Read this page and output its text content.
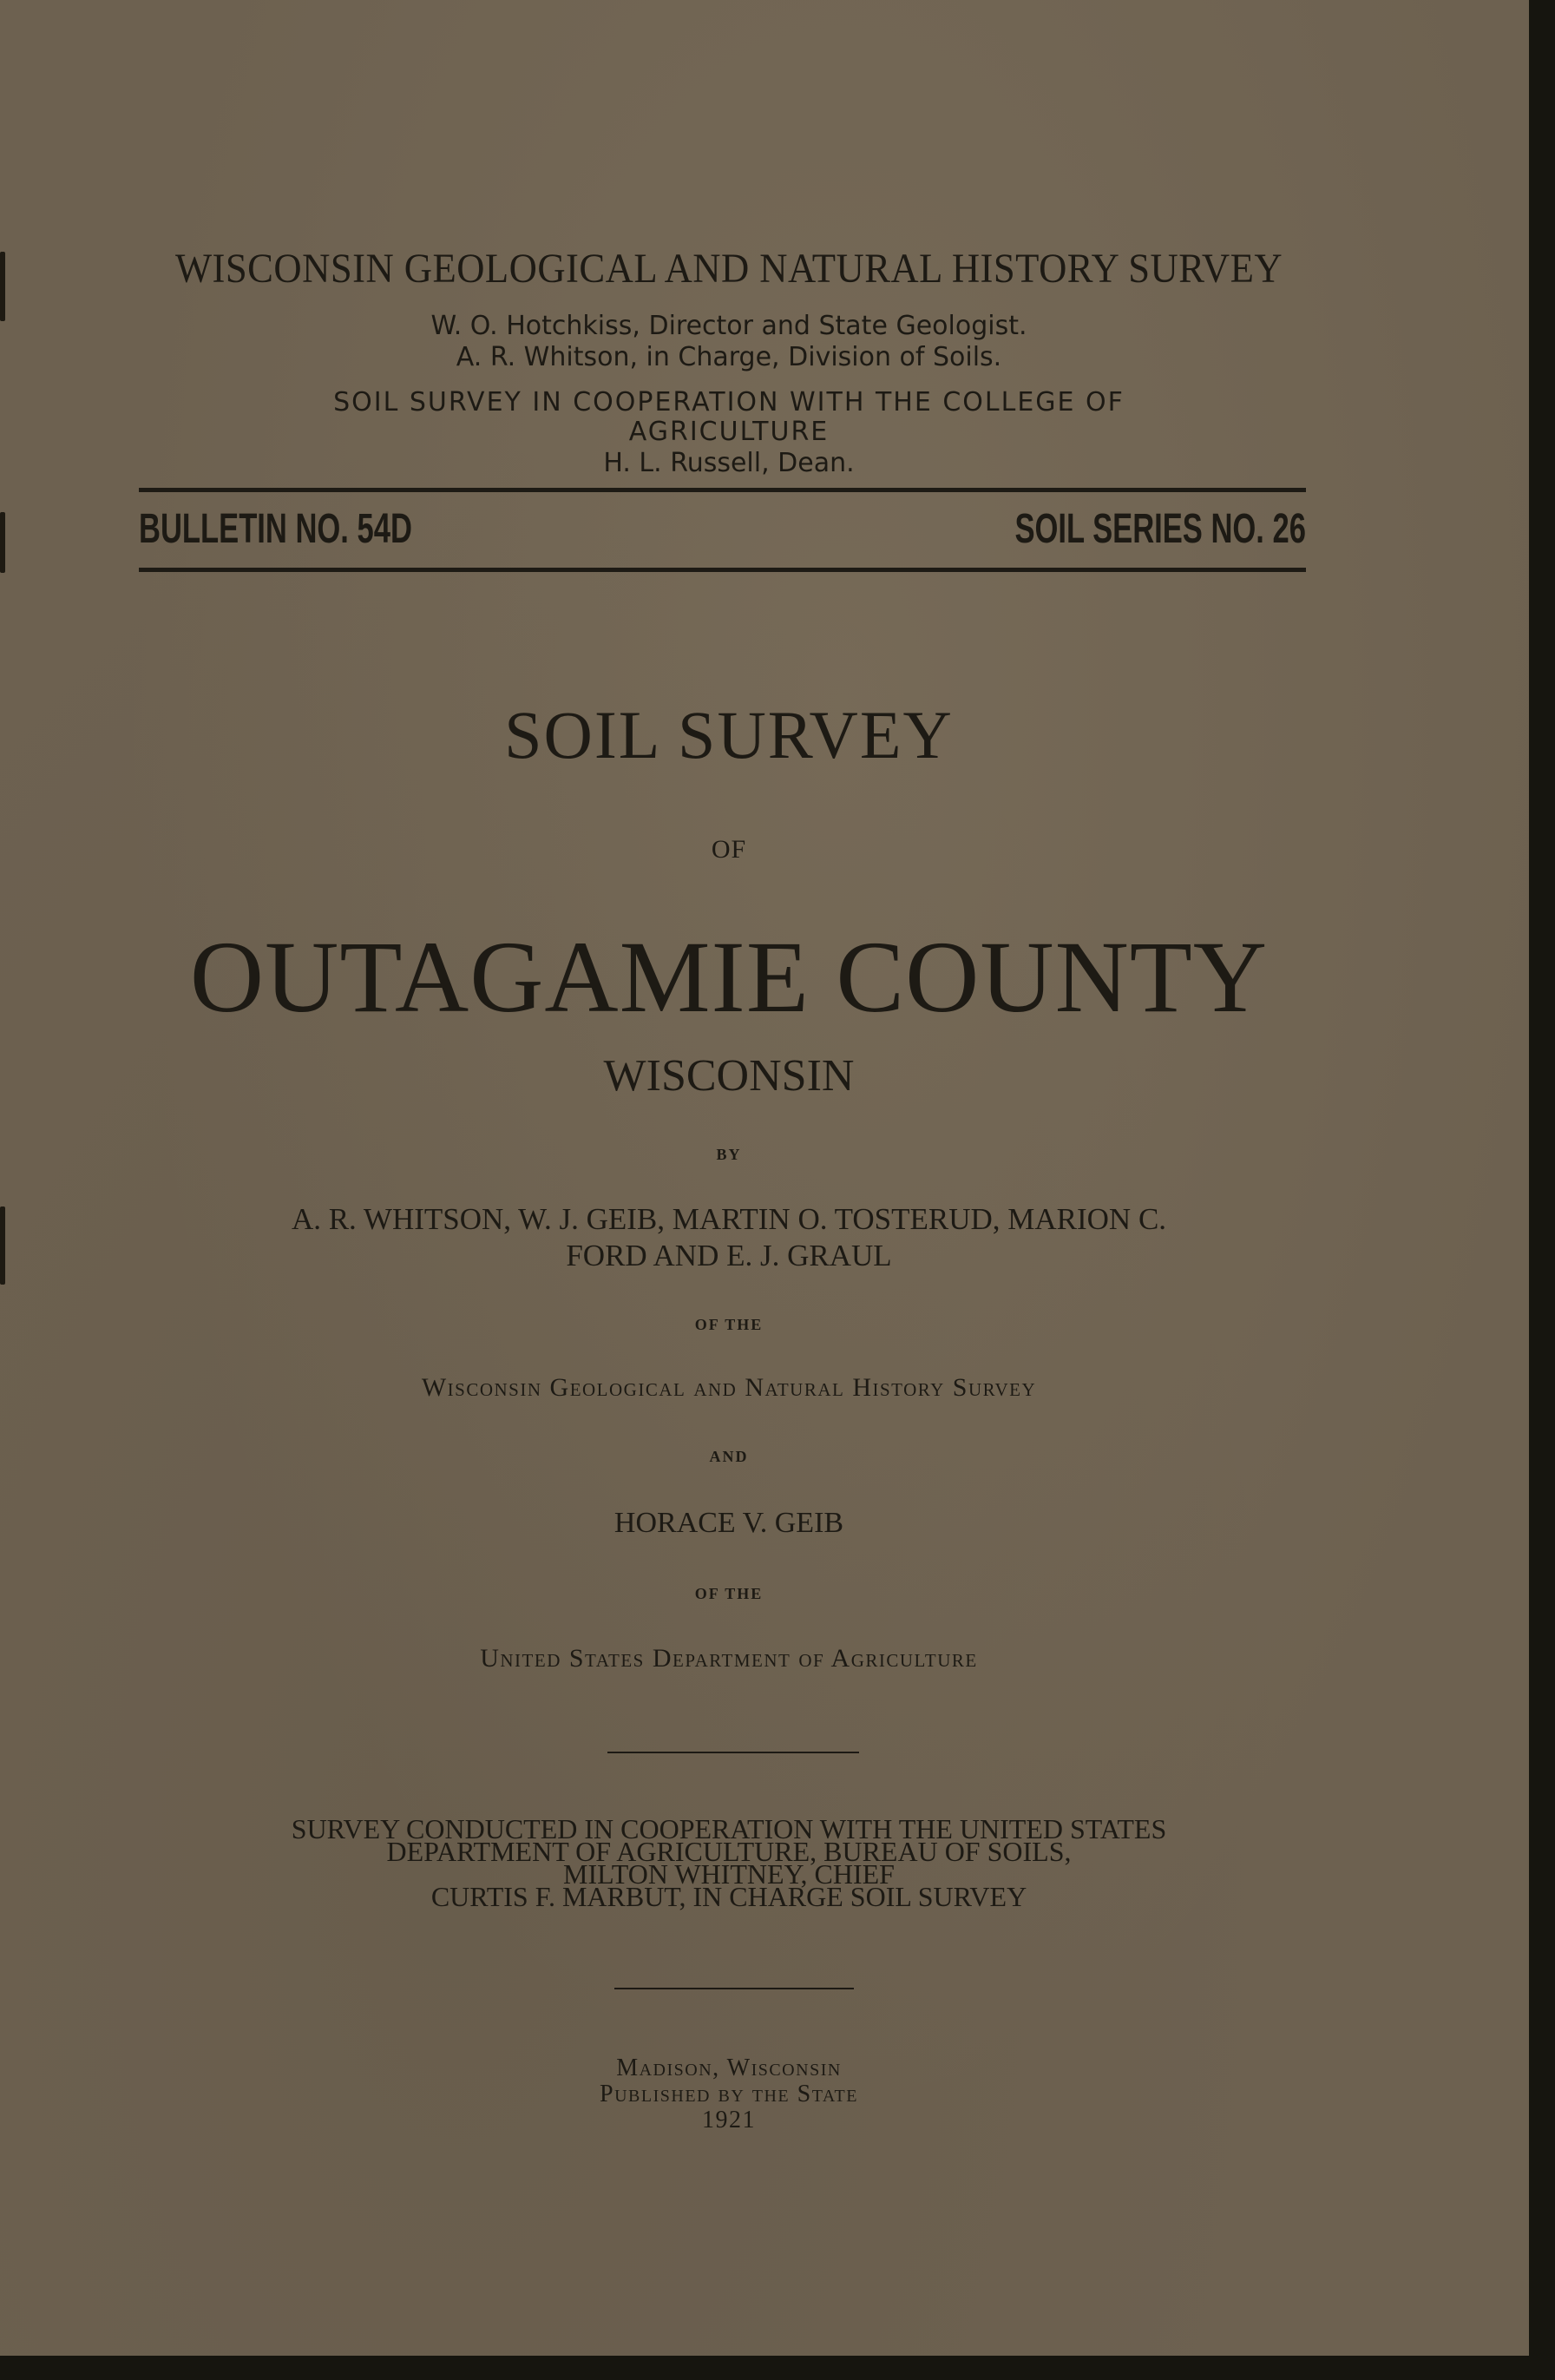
WISCONSIN GEOLOGICAL AND NATURAL HISTORY SURVEY
W. O. Hotchkiss, Director and State Geologist.
A. R. Whitson, in Charge, Division of Soils.
SOIL SURVEY IN COOPERATION WITH THE COLLEGE OF
AGRICULTURE
H. L. Russell, Dean.
BULLETIN NO. 54D	SOIL SERIES NO. 26
SOIL SURVEY
OF
OUTAGAMIE COUNTY
WISCONSIN
BY
A. R. WHITSON, W. J. GEIB, MARTIN O. TOSTERUD, MARION C.
FORD AND E. J. GRAUL
OF THE
Wisconsin Geological and Natural History Survey
AND
HORACE V. GEIB
OF THE
United States Department of Agriculture
SURVEY CONDUCTED IN COOPERATION WITH THE UNITED STATES
DEPARTMENT OF AGRICULTURE, BUREAU OF SOILS,
MILTON WHITNEY, CHIEF
CURTIS F. MARBUT, IN CHARGE SOIL SURVEY
Madison, Wisconsin
Published by the State
1921
